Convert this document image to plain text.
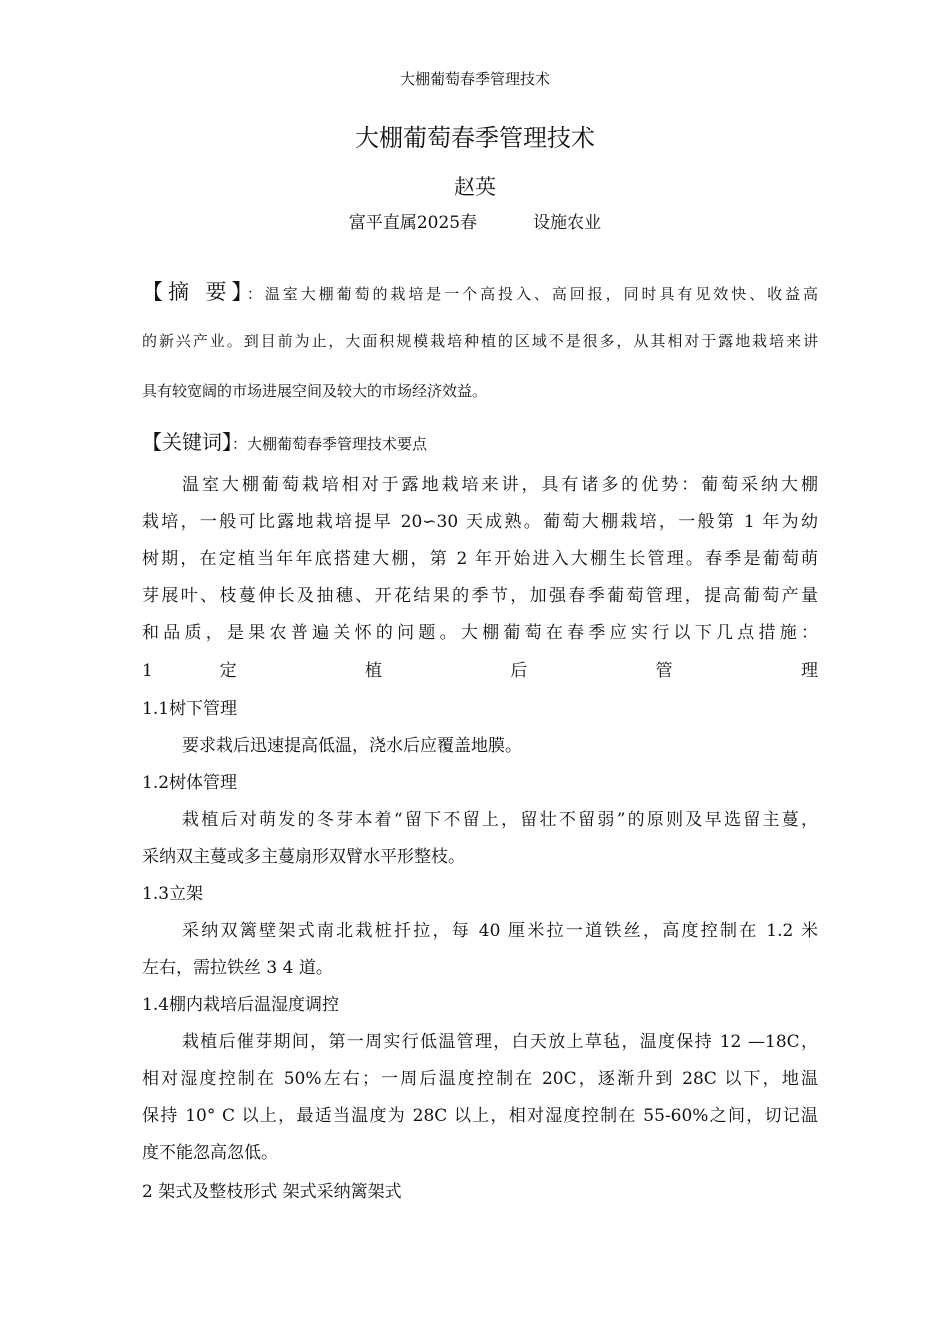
大棚葡萄春季管理技术
大棚葡萄春季管理技术
赵英
富平直属2025春	设施农业
【摘 要】：温室大棚葡萄的栽培是一个高投入、高回报，同时具有见效快、收益高
的新兴产业。到目前为止，大面积规模栽培种植的区域不是很多，从其相对于露地栽培来讲
具有较宽阔的市场进展空间及较大的市场经济效益。
【关键词】：大棚葡萄春季管理技术要点
温室大棚葡萄栽培相对于露地栽培来讲，具有诸多的优势：葡萄采纳大棚
栽培，一般可比露地栽培提早 20∽30 天成熟。葡萄大棚栽培，一般第 1 年为幼
树期，在定植当年年底搭建大棚，第 2 年开始进入大棚生长管理。春季是葡萄萌
芽展叶、枝蔓伸长及抽穗、开花结果的季节，加强春季葡萄管理，提高葡萄产量
和品质，是果农普遍关怀的问题。大棚葡萄在春季应实行以下几点措施：
1 定 植 后 管 理
1.1树下管理
要求栽后迅速提高低温，浇水后应覆盖地膜。
1.2树体管理
栽植后对萌发的冬芽本着“留下不留上，留壮不留弱”的原则及早选留主蔓，
采纳双主蔓或多主蔓扇形双臂水平形整枝。
1.3立架
采纳双篱壁架式南北栽桩扦拉，每 40 厘米拉一道铁丝，高度控制在 1.2 米
左右，需拉铁丝 3 4 道。
1.4棚内栽培后温湿度调控
栽植后催芽期间，第一周实行低温管理，白天放上草毡，温度保持 12 —18C，
相对湿度控制在 50%左右；一周后温度控制在 20C，逐渐升到 28C 以下，地温
保持 10° C 以上，最适当温度为 28C 以上，相对湿度控制在 55-60%之间，切记温
度不能忽高忽低。
2 架式及整枝形式 架式采纳篱架式
